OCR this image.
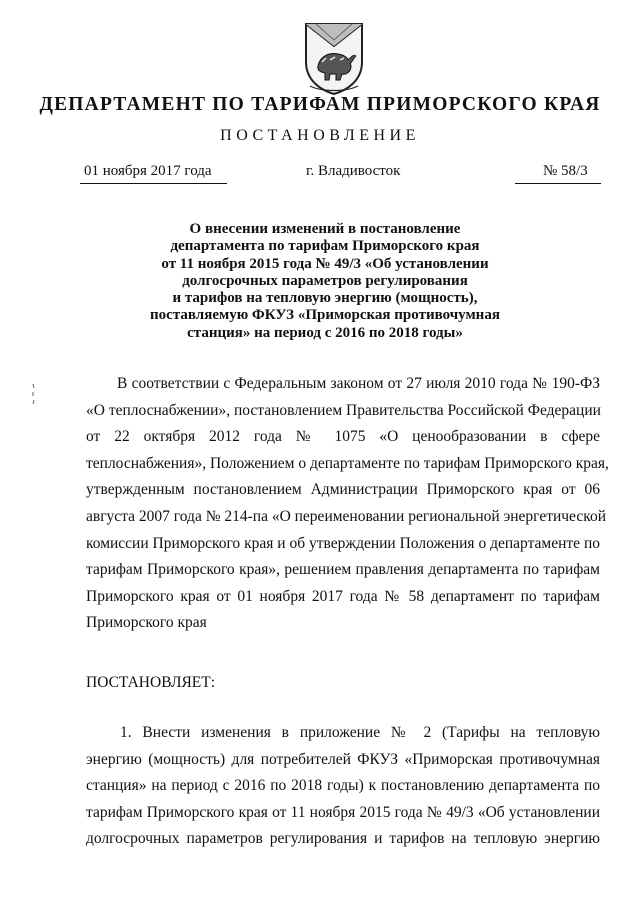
ДЕПАРТАМЕНТ ПО ТАРИФАМ ПРИМОРСКОГО КРАЯ
ПОСТАНОВЛЕНИЕ
01 ноября 2017 года	г. Владивосток	№ 58/3
О внесении изменений в постановление
департамента по тарифам Приморского края
от 11 ноября 2015 года № 49/3 «Об установлении
долгосрочных параметров регулирования
и тарифов на тепловую энергию (мощность),
поставляемую ФКУЗ «Приморская противочумная
станция» на период с 2016 по 2018 годы»
В соответствии с Федеральным законом от 27 июля 2010 года № 190-ФЗ
«О теплоснабжении», постановлением Правительства Российской Федерации
от 22 октября 2012 года № 1075 «О ценообразовании в сфере
теплоснабжения», Положением о департаменте по тарифам Приморского края,
утвержденным постановлением Администрации Приморского края от 06
августа 2007 года № 214-па «О переименовании региональной энергетической
комиссии Приморского края и об утверждении Положения о департаменте по
тарифам Приморского края», решением правления департамента по тарифам
Приморского края от 01 ноября 2017 года № 58 департамент по тарифам
Приморского края
ПОСТАНОВЛЯЕТ:
1. Внести изменения в приложение № 2 (Тарифы на тепловую
энергию (мощность) для потребителей ФКУЗ «Приморская противочумная
станция» на период с 2016 по 2018 годы) к постановлению департамента по
тарифам Приморского края от 11 ноября 2015 года № 49/3 «Об установлении
долгосрочных параметров регулирования и тарифов на тепловую энергию
